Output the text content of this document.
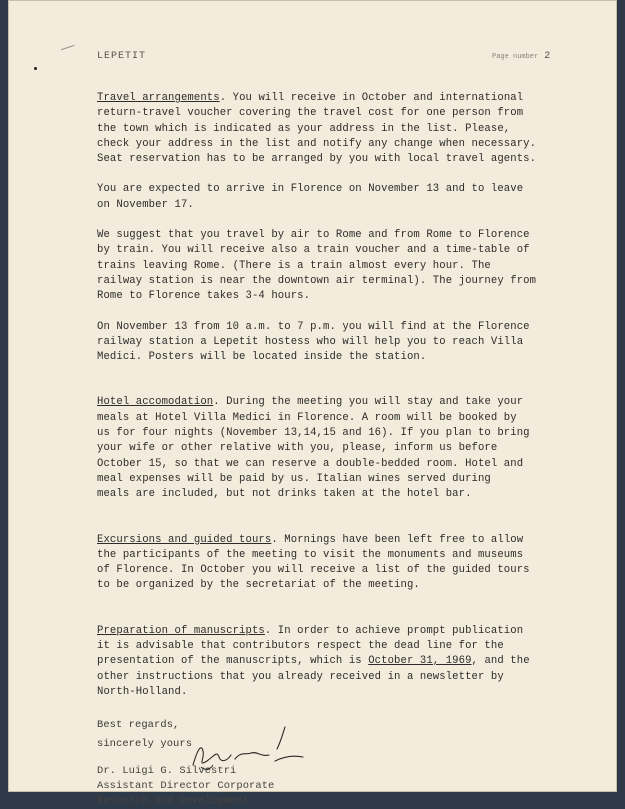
LEPETIT	Page number 2

Travel arrangements. You will receive in October and international
return-travel voucher covering the travel cost for one person from
the town which is indicated as your address in the list. Please,
check your address in the list and notify any change when necessary.
Seat reservation has to be arranged by you with local travel agents.

You are expected to arrive in Florence on November 13 and to leave
on November 17.

We suggest that you travel by air to Rome and from Rome to Florence
by train. You will receive also a train voucher and a time-table of
trains leaving Rome. (There is a train almost every hour. The
railway station is near the downtown air terminal). The journey from
Rome to Florence takes 3-4 hours.

On November 13 from 10 a.m. to 7 p.m. you will find at the Florence
railway station a Lepetit hostess who will help you to reach Villa
Medici. Posters will be located inside the station.

Hotel accomodation. During the meeting you will stay and take your
meals at Hotel Villa Medici in Florence. A room will be booked by
us for four nights (November 13,14,15 and 16). If you plan to bring
your wife or other relative with you, please, inform us before
October 15, so that we can reserve a double-bedded room. Hotel and
meal expenses will be paid by us. Italian wines served during
meals are included, but not drinks taken at the hotel bar.

Excursions and guided tours. Mornings have been left free to allow
the participants of the meeting to visit the monuments and museums
of Florence. In October you will receive a list of the guided tours
to be organized by the secretariat of the meeting.

Preparation of manuscripts. In order to achieve prompt publication
it is advisable that contributors respect the dead line for the
presentation of the manuscripts, which is October 31, 1969, and the
other instructions that you already received in a newsletter by
North-Holland.

Best regards,
sincerely yours
Dr. Luigi G. Silvestri
Assistant Director Corporate
Research and Development
